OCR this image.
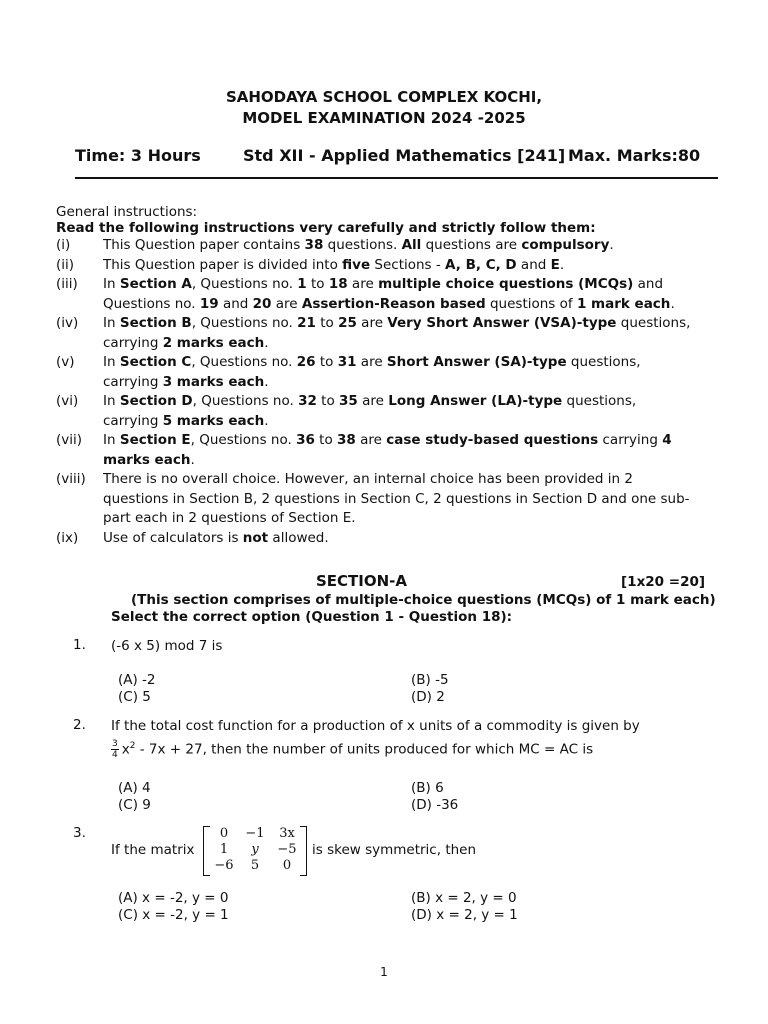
SAHODAYA SCHOOL COMPLEX KOCHI,
MODEL EXAMINATION 2024 -2025
Time: 3 Hours	Std XII - Applied Mathematics [241] Max. Marks:80
General instructions:
Read the following instructions very carefully and strictly follow them:
(i) This Question paper contains 38 questions. All questions are compulsory.
(ii) This Question paper is divided into five Sections - A, B, C, D and E.
(iii) In Section A, Questions no. 1 to 18 are multiple choice questions (MCQs) and Questions no. 19 and 20 are Assertion-Reason based questions of 1 mark each.
(iv) In Section B, Questions no. 21 to 25 are Very Short Answer (VSA)-type questions, carrying 2 marks each.
(v) In Section C, Questions no. 26 to 31 are Short Answer (SA)-type questions, carrying 3 marks each.
(vi) In Section D, Questions no. 32 to 35 are Long Answer (LA)-type questions, carrying 5 marks each.
(vii) In Section E, Questions no. 36 to 38 are case study-based questions carrying 4 marks each.
(viii) There is no overall choice. However, an internal choice has been provided in 2 questions in Section B, 2 questions in Section C, 2 questions in Section D and one sub-part each in 2 questions of Section E.
(ix) Use of calculators is not allowed.
SECTION-A	[1x20 =20]
(This section comprises of multiple-choice questions (MCQs) of 1 mark each)
Select the correct option (Question 1 - Question 18):
1. (-6 x 5) mod 7 is
(A) -2	(B) -5
(C) 5	(D) 2
2. If the total cost function for a production of x units of a commodity is given by
$\frac{3}{4} x^2 - 7x + 27$, then the number of units produced for which MC = AC is
(A) 4	(B) 6
(C) 9	(D) -36
3.
If the matrix
0	−1	3x
1	y	−5
−6	5	0
is skew symmetric, then
(A) x = -2, y = 0	(B) x = 2, y = 0
(C) x = -2, y = 1	(D) x = 2, y = 1
1
